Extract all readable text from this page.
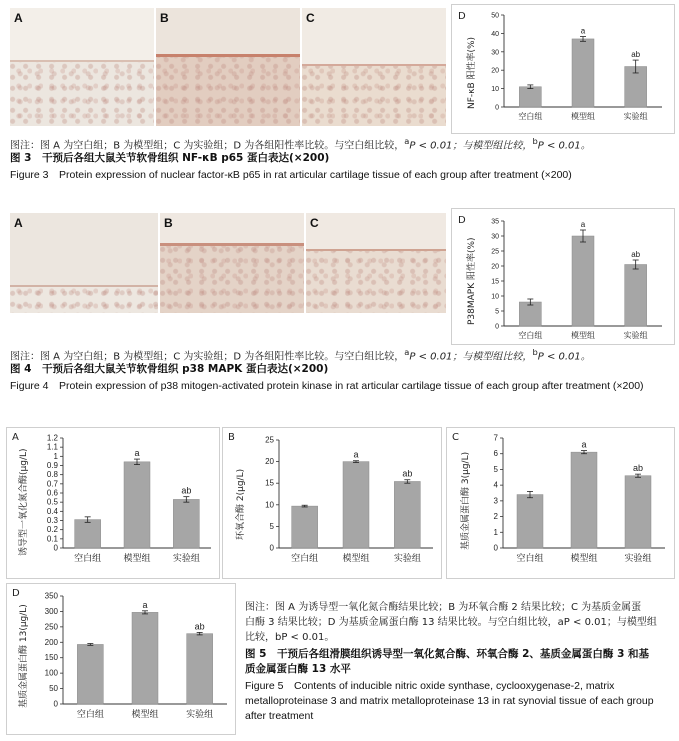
A	B	C	D
NF-κB 阳性率(%)	0
10
20
30
40
50
空白组
a
模型组
ab
实验组
图注：图 A 为空白组；B 为模型组；C 为实验组；D 为各组阳性率比较。与空白组比较，$^a$P < 0.01；与模型组比较，$^b$P < 0.01。
图 3　干预后各组大鼠关节软骨组织 NF-κB p65 蛋白表达(×200)
Figure 3　Protein expression of nuclear factor-κB p65 in rat articular cartilage tissue of each group after treatment (×200)
A	B	C	D
P38MAPK 阳性率(%)
0
5
10
15
20
25
30
35
空白组
a
模型组
ab
实验组
图注：图 A 为空白组；B 为模型组；C 为实验组；D 为各组阳性率比较。与空白组比较，$^a$P < 0.01；与模型组比较，$^b$P < 0.01。
图 4　干预后各组大鼠关节软骨组织 p38 MAPK 蛋白表达(×200)
Figure 4　Protein expression of p38 mitogen-activated protein kinase in rat articular cartilage tissue of each group after treatment (×200)
A
诱导型一氧化氮合酶(μg/L)	0
0.1
0.2
0.3
0.4
0.5
0.6
0.7
0.8
0.9
1
1.1
1.2
空白组
a
模型组
ab
实验组
B
环氧合酶 2(μg/L)
0
5
10
15
20
25
空白组
a
模型组
ab
实验组
C
基质金属蛋白酶 3(μg/L)	0
1
2
3
4
5
6
7
空白组
a
模型组
ab
实验组
D
基质金属蛋白酶 13(μg/L)	0
50
100
150
200
250
300
350
空白组
a
模型组
ab
实验组
图注：图 A 为诱导型一氧化氮合酶结果比较；B 为环氧合酶 2 结果比较；C 为基质金属蛋
白酶 3 结果比较；D 为基质金属蛋白酶 13 结果比较。与空白组比较，aP < 0.01；与模型组
比较，bP < 0.01。
图 5　干预后各组滑膜组织诱导型一氧化氮合酶、环氧合酶 2、基质金属蛋白酶 3 和基
质金属蛋白酶 13 水平
Figure 5　Contents of inducible nitric oxide synthase, cyclooxygenase-2, matrix
metalloproteinase 3 and matrix metalloproteinase 13 in rat synovial tissue of each group
after treatment
